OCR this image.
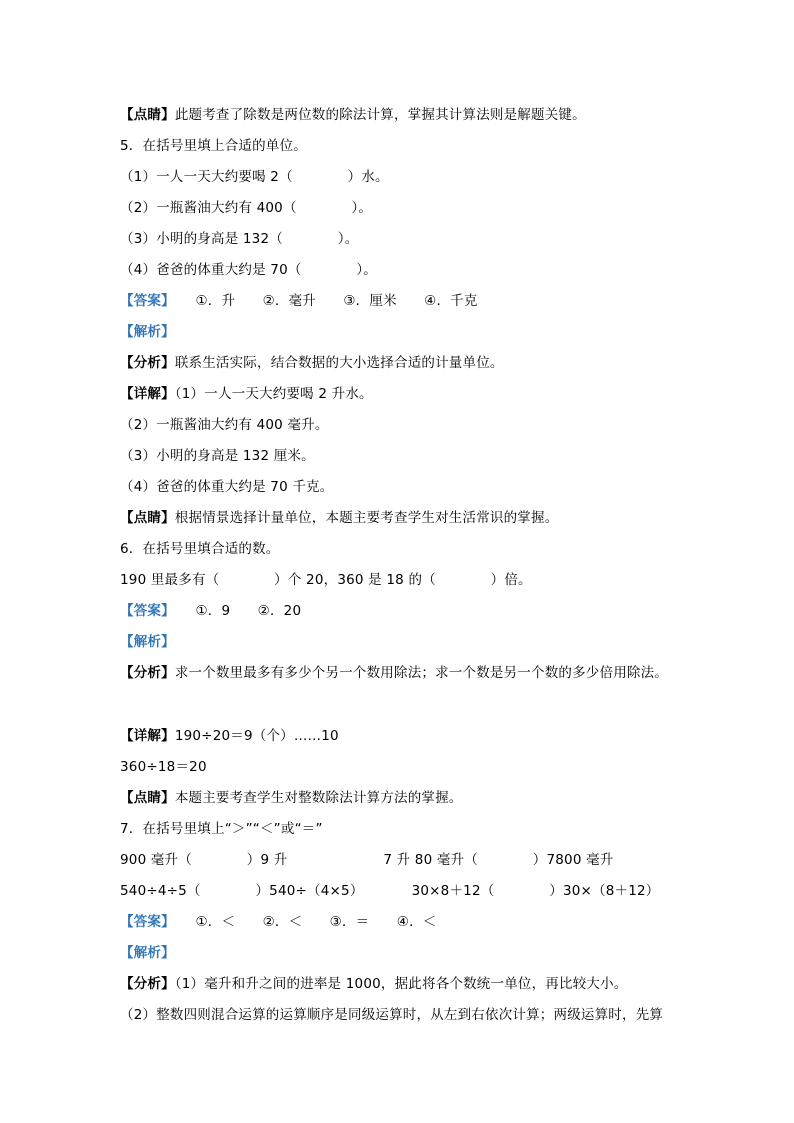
【点睛】此题考查了除数是两位数的除法计算，掌握其计算法则是解题关键。
5．在括号里填上合适的单位。
（1）一人一天大约要喝 2（　　　　）水。
（2）一瓶酱油大约有 400（　　　　）。
（3）小明的身高是 132（　　　　）。
（4）爸爸的体重大约是 70（　　　　）。
【答案】　　①．升　　②．毫升　　③．厘米　　④．千克
【解析】
【分析】联系生活实际，结合数据的大小选择合适的计量单位。
【详解】（1）一人一天大约要喝 2 升水。
（2）一瓶酱油大约有 400 毫升。
（3）小明的身高是 132 厘米。
（4）爸爸的体重大约是 70 千克。
【点睛】根据情景选择计量单位，本题主要考查学生对生活常识的掌握。
6．在括号里填合适的数。
190 里最多有（　　　　）个 20，360 是 18 的（　　　　）倍。
【答案】　　①．9　　②．20
【解析】
【分析】求一个数里最多有多少个另一个数用除法；求一个数是另一个数的多少倍用除法。
【详解】190÷20＝9（个）……10
360÷18＝20
【点睛】本题主要考查学生对整数除法计算方法的掌握。
7．在括号里填上“＞”“＜”或“＝”
900 毫升（　　　　）9 升　　　　　　　7 升 80 毫升（　　　　）7800 毫升
540÷4÷5（　　　　）540÷（4×5）　　　　30×8＋12（　　　　）30×（8＋12）
【答案】　　①．＜　　②．＜　　③．＝　　④．＜
【解析】
【分析】（1）毫升和升之间的进率是 1000，据此将各个数统一单位，再比较大小。
（2）整数四则混合运算的运算顺序是同级运算时，从左到右依次计算；两级运算时，先算
